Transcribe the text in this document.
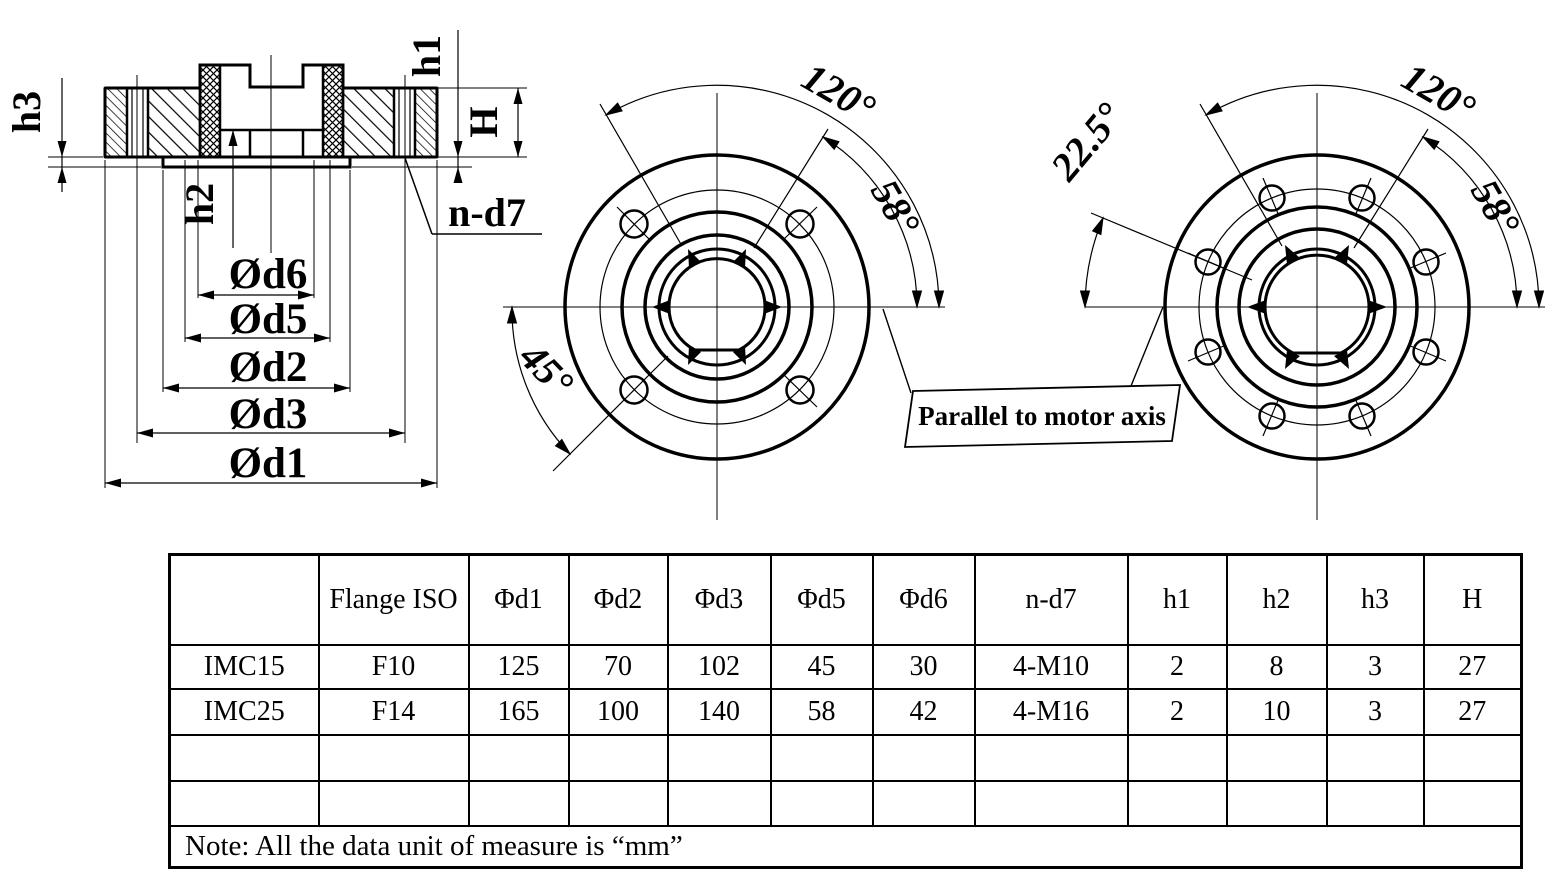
h3
h1
H
h2	n-d7
Ød6
Ød5
Ød2
Ød3
Ød1
120°
58°
45°
120°
58°
22.5°
Parallel to motor axis
	Flange ISO	Φd1	Φd2	Φd3	Φd5	Φd6	n-d7	h1	h2	h3	H
IMC15	F10	125	70	102	45	30	4-M10	2	8	3	27
IMC25	F14	165	100	140	58	42	4-M16	2	10	3	27

Note: All the data unit of measure is “mm”											
